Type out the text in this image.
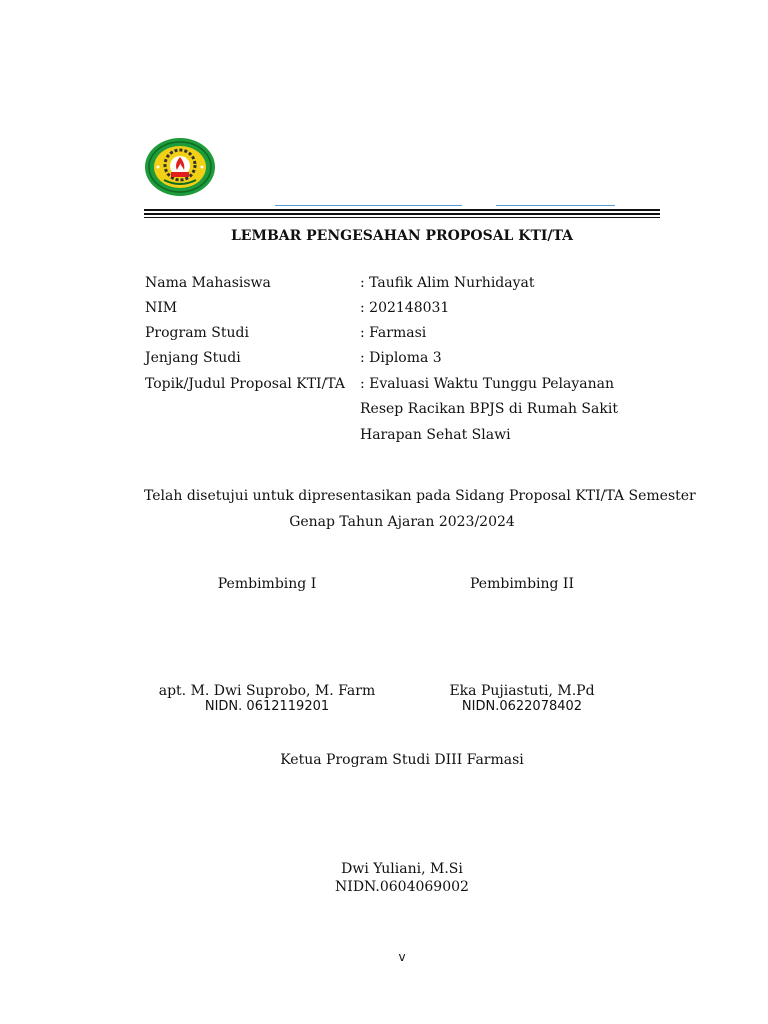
LEMBAR PENGESAHAN PROPOSAL KTI/TA
Nama Mahasiswa	: Taufik Alim Nurhidayat
NIM	: 202148031
Program Studi	: Farmasi
Jenjang Studi	: Diploma 3
Topik/Judul Proposal KTI/TA : Evaluasi Waktu Tunggu Pelayanan
Resep Racikan BPJS di Rumah Sakit
Harapan Sehat Slawi
Telah disetujui untuk dipresentasikan pada Sidang Proposal KTI/TA Semester
Genap Tahun Ajaran 2023/2024
Pembimbing I	Pembimbing II
apt. M. Dwi Suprobo, M. Farm
NIDN. 0612119201
Eka Pujiastuti, M.Pd
NIDN.0622078402
Ketua Program Studi DIII Farmasi
Dwi Yuliani, M.Si
NIDN.0604069002
v
